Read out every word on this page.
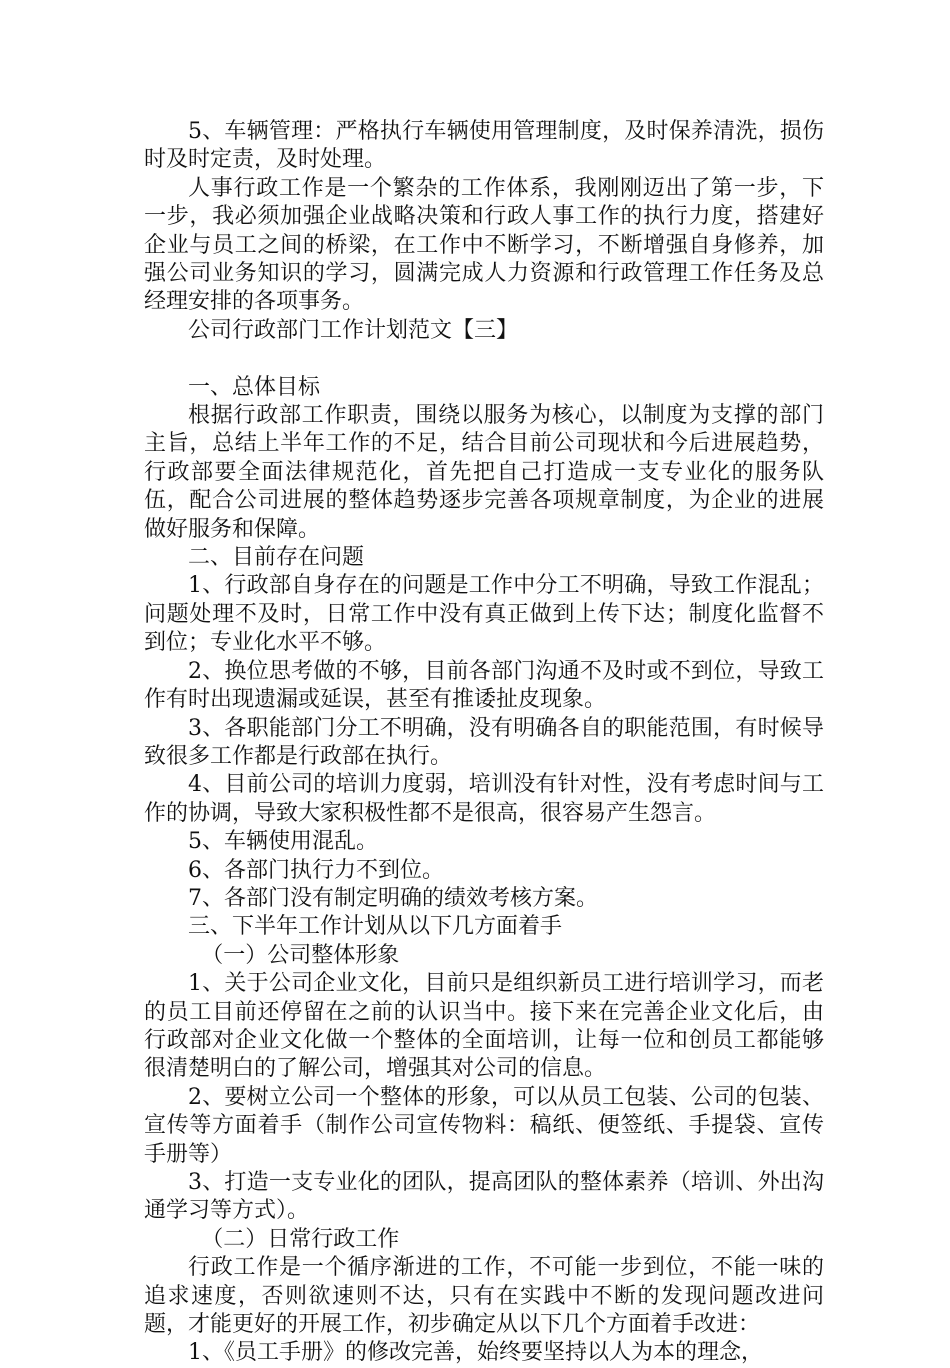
5、车辆管理：严格执行车辆使用管理制度，及时保养清洗，损伤时及时定责，及时处理。

人事行政工作是一个繁杂的工作体系，我刚刚迈出了第一步，下一步，我必须加强企业战略决策和行政人事工作的执行力度，搭建好企业与员工之间的桥梁，在工作中不断学习，不断增强自身修养，加强公司业务知识的学习，圆满完成人力资源和行政管理工作任务及总经理安排的各项事务。

公司行政部门工作计划范文【三】

一、总体目标

根据行政部工作职责，围绕以服务为核心，以制度为支撑的部门主旨，总结上半年工作的不足，结合目前公司现状和今后进展趋势，行政部要全面法律规范化，首先把自己打造成一支专业化的服务队伍，配合公司进展的整体趋势逐步完善各项规章制度，为企业的进展做好服务和保障。

二、目前存在问题

1、行政部自身存在的问题是工作中分工不明确，导致工作混乱；问题处理不及时，日常工作中没有真正做到上传下达；制度化监督不到位；专业化水平不够。

2、换位思考做的不够，目前各部门沟通不及时或不到位，导致工作有时出现遗漏或延误，甚至有推诿扯皮现象。

3、各职能部门分工不明确，没有明确各自的职能范围，有时候导致很多工作都是行政部在执行。

4、目前公司的培训力度弱，培训没有针对性，没有考虑时间与工作的协调，导致大家积极性都不是很高，很容易产生怨言。

5、车辆使用混乱。

6、各部门执行力不到位。

7、各部门没有制定明确的绩效考核方案。

三、下半年工作计划从以下几方面着手

（一）公司整体形象

1、关于公司企业文化，目前只是组织新员工进行培训学习，而老的员工目前还停留在之前的认识当中。接下来在完善企业文化后，由行政部对企业文化做一个整体的全面培训，让每一位和创员工都能够很清楚明白的了解公司，增强其对公司的信息。

2、要树立公司一个整体的形象，可以从员工包装、公司的包装、宣传等方面着手（制作公司宣传物料：稿纸、便签纸、手提袋、宣传手册等）

3、打造一支专业化的团队，提高团队的整体素养（培训、外出沟通学习等方式）。

（二）日常行政工作

行政工作是一个循序渐进的工作，不可能一步到位，不能一味的追求速度，否则欲速则不达，只有在实践中不断的发现问题改进问题，才能更好的开展工作，初步确定从以下几个方面着手改进：

1、《员工手册》的修改完善，始终要坚持以人为本的理念，
